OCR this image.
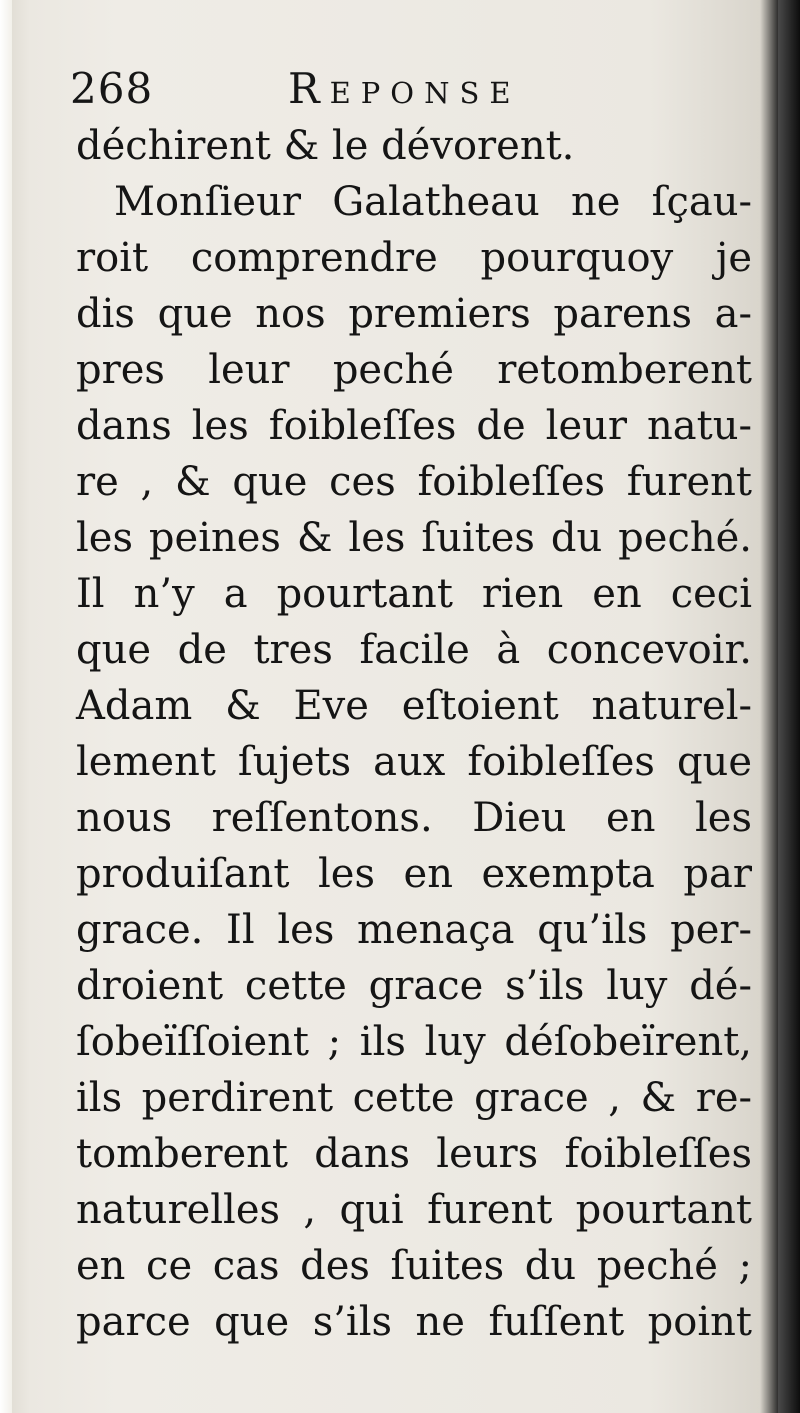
268	Reponse
déchirent & le dévorent.
Monſieur Galatheau ne ſçau-
roit comprendre pourquoy je
dis que nos premiers parens a-
pres leur peché retomberent
dans les foibleſſes de leur natu-
re , & que ces foibleſſes furent
les peines & les ſuites du peché.
Il n’y a pourtant rien en ceci
que de tres facile à concevoir.
Adam & Eve eſtoient naturel-
lement ſujets aux foibleſſes que
nous reſſentons. Dieu en les
produiſant les en exempta par
grace. Il les menaça qu’ils per-
droient cette grace s’ils luy dé-
ſobeïſſoient ; ils luy déſobeïrent,
ils perdirent cette grace , & re-
tomberent dans leurs foibleſſes
naturelles , qui furent pourtant
en ce cas des ſuites du peché ;
parce que s’ils ne fuſſent point
